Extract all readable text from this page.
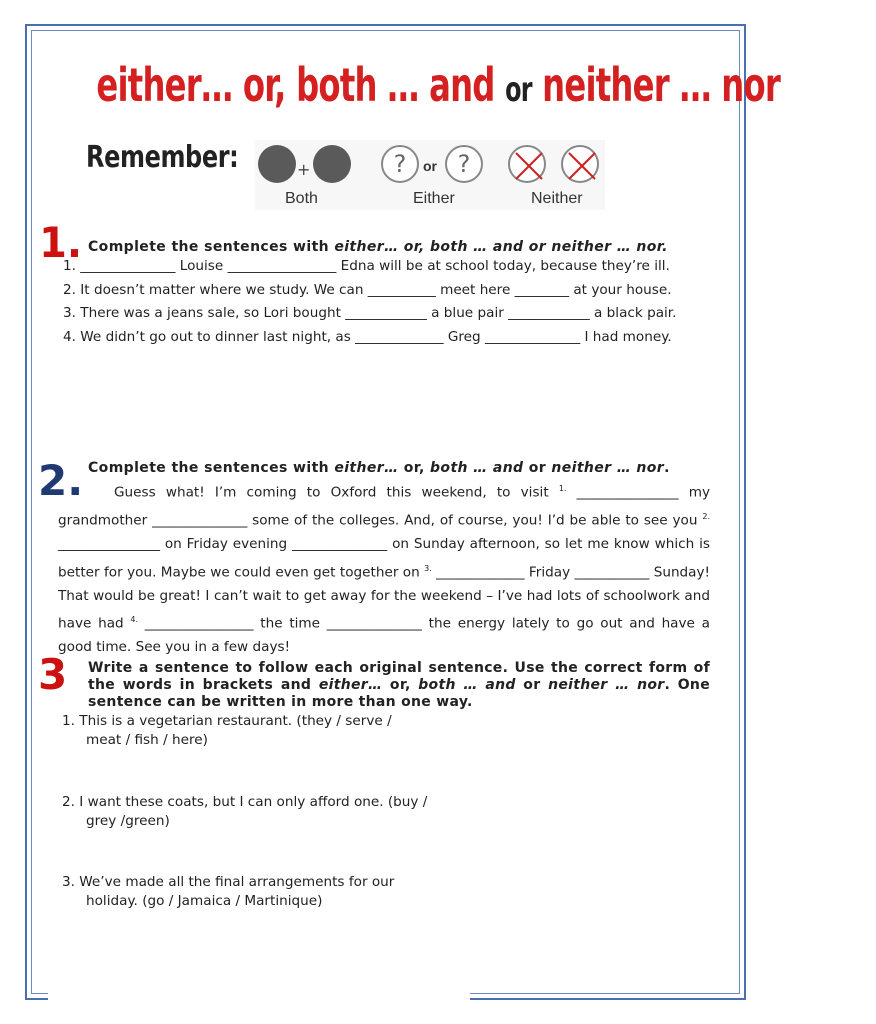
either… or, both … and or neither … nor
Remember:	+
Both
?	or ?
Either	Neither
1. Complete the sentences with either… or, both … and or neither … nor.

1. ______________ Louise ________________ Edna will be at school today, because they’re ill.

2. It doesn’t matter where we study. We can __________ meet here ________ at your house.

3. There was a jeans sale, so Lori bought ____________ a blue pair ____________ a black pair.

4. We didn’t go out to dinner last night, as _____________ Greg ______________ I had money.

2. Complete the sentences with either… or, both … and or neither … nor.

Guess what! I’m coming to Oxford this weekend, to visit $^{1.}$ _______________ my grandmother ______________ some of the colleges. And, of course, you! I’d be able to see you $^{2.}$ _______________ on Friday evening ______________ on Sunday afternoon, so let me know which is better for you. Maybe we could even get together on $^{3.}$ _____________ Friday ___________ Sunday! That would be great! I can’t wait to get away for the weekend – I’ve had lots of schoolwork and have had $^{4.}$ ________________ the time ______________ the energy lately to go out and have a good time. See you in a few days!

3 Write a sentence to follow each original sentence. Use the correct form of the words in brackets and either… or, both … and or neither … nor. One sentence can be written in more than one way.
1. This is a vegetarian restaurant. (they / serve /
meat / fish / here)
2. I want these coats, but I can only afford one. (buy /
grey /green)
3. We’ve made all the final arrangements for our
holiday. (go / Jamaica / Martinique)
